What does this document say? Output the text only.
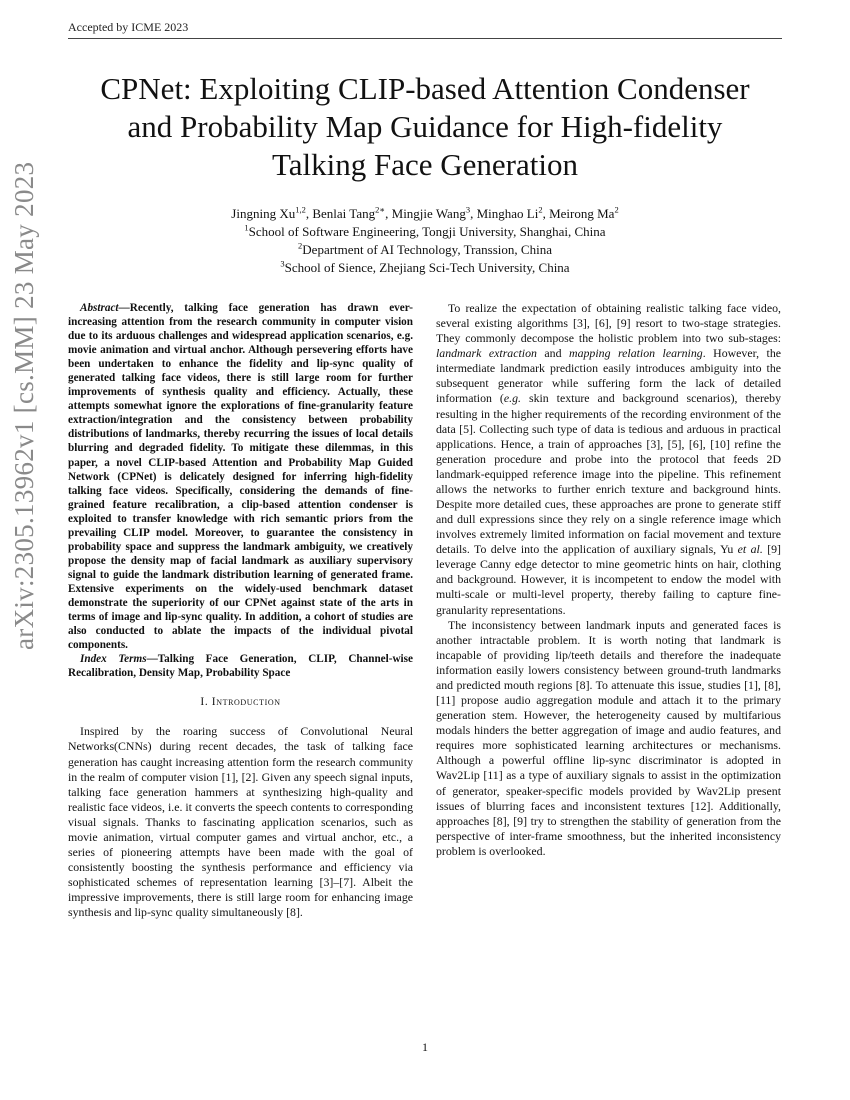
Accepted by ICME 2023
arXiv:2305.13962v1 [cs.MM] 23 May 2023
CPNet: Exploiting CLIP-based Attention Condenser
and Probability Map Guidance for High-fidelity
Talking Face Generation
Jingning Xu$^{1,2}$, Benlai Tang$^{2∗}$, Mingjie Wang$^3$, Minghao Li$^2$, Meirong Ma$^2$
$^1$School of Software Engineering, Tongji University, Shanghai, China
$^2$Department of AI Technology, Transsion, China
$^3$School of Sience, Zhejiang Sci-Tech University, China

Abstract—Recently, talking face generation has drawn ever-increasing attention from the research community in computer vision due to its arduous challenges and widespread application scenarios, e.g. movie animation and virtual anchor. Although persevering efforts have been undertaken to enhance the fidelity and lip-sync quality of generated talking face videos, there is still large room for further improvements of synthesis quality and efficiency. Actually, these attempts somewhat ignore the explorations of fine-granularity feature extraction/integration and the consistency between probability distributions of landmarks, thereby recurring the issues of local details blurring and degraded fidelity. To mitigate these dilemmas, in this paper, a novel CLIP-based Attention and Probability Map Guided Network (CPNet) is delicately designed for inferring high-fidelity talking face videos. Specifically, considering the demands of fine-grained feature recalibration, a clip-based attention condenser is exploited to transfer knowledge with rich semantic priors from the prevailing CLIP model. Moreover, to guarantee the consistency in probability space and suppress the landmark ambiguity, we creatively propose the density map of facial landmark as auxiliary supervisory signal to guide the landmark distribution learning of generated frame. Extensive experiments on the widely-used benchmark dataset demonstrate the superiority of our CPNet against state of the arts in terms of image and lip-sync quality. In addition, a cohort of studies are also conducted to ablate the impacts of the individual pivotal components.

Index Terms—Talking Face Generation, CLIP, Channel-wise Recalibration, Density Map, Probability Space

I. Introduction

Inspired by the roaring success of Convolutional Neural Networks(CNNs) during recent decades, the task of talking face generation has caught increasing attention form the research community in the realm of computer vision [1], [2]. Given any speech signal inputs, talking face generation hammers at synthesizing high-quality and realistic face videos, i.e. it converts the speech contents to corresponding visual signals. Thanks to fascinating application scenarios, such as movie animation, virtual computer games and virtual anchor, etc., a series of pioneering attempts have been made with the goal of consistently boosting the synthesis performance and efficiency via sophisticated schemes of representation learning [3]–[7]. Albeit the impressive improvements, there is still large room for enhancing image synthesis and lip-sync quality simultaneously [8].

To realize the expectation of obtaining realistic talking face video, several existing algorithms [3], [6], [9] resort to two-stage strategies. They commonly decompose the holistic problem into two sub-stages: landmark extraction and mapping relation learning. However, the intermediate landmark prediction easily introduces ambiguity into the subsequent generator while suffering form the lack of detailed information (e.g. skin texture and background scenarios), thereby resulting in the higher requirements of the recording environment of the data [5]. Collecting such type of data is tedious and arduous in practical applications. Hence, a train of approaches [3], [5], [6], [10] refine the generation procedure and probe into the protocol that feeds 2D landmark-equipped reference image into the pipeline. This refinement allows the networks to further enrich texture and background hints. Despite more detailed cues, these approaches are prone to generate stiff and dull expressions since they rely on a single reference image which involves extremely limited information on facial movement and texture details. To delve into the application of auxiliary signals, Yu et al. [9] leverage Canny edge detector to mine geometric hints on hair, clothing and background. However, it is incompetent to endow the model with multi-scale or multi-level property, thereby failing to capture fine-granularity representations.

The inconsistency between landmark inputs and generated faces is another intractable problem. It is worth noting that landmark is incapable of providing lip/teeth details and therefore the inadequate information easily lowers consistency between ground-truth landmarks and predicted mouth regions [8]. To attenuate this issue, studies [1], [8], [11] propose audio aggregation module and attach it to the primary generation stem. However, the heterogeneity caused by multifarious modals hinders the better aggregation of image and audio features, and requires more sophisticated learning architectures or mechanisms. Although a powerful offline lip-sync discriminator is adopted in Wav2Lip [11] as a type of auxiliary signals to assist in the optimization of generator, speaker-specific models provided by Wav2Lip present issues of blurring faces and inconsistent textures [12]. Additionally, approaches [8], [9] try to strengthen the stability of generation from the perspective of inter-frame smoothness, but the inherited inconsistency problem is overlooked.

1
